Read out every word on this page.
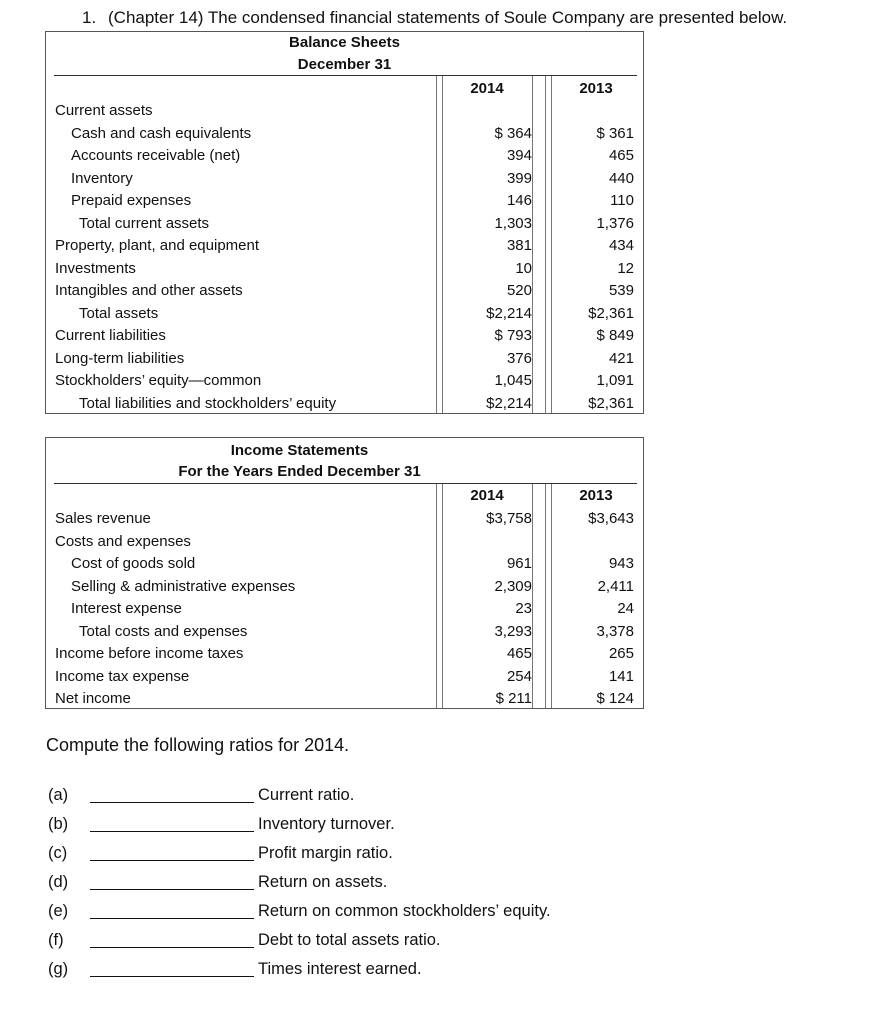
1. (Chapter 14) The condensed financial statements of Soule Company are presented below.
Balance Sheets
December 31
2014	2013
Current assets
Cash and cash equivalents	$ 364	$ 361
Accounts receivable (net)	394	465
Inventory	399	440
Prepaid expenses	146	110
Total current assets	1,303	1,376
Property, plant, and equipment	381	434
Investments	10	12
Intangibles and other assets	520	539
Total assets	$2,214	$2,361
Current liabilities	$ 793	$ 849
Long-term liabilities	376	421
Stockholders’ equity—common	1,045	1,091
Total liabilities and stockholders’ equity	$2,214	$2,361
Income Statements
For the Years Ended December 31
2014	2013
Sales revenue	$3,758	$3,643
Costs and expenses
Cost of goods sold	961	943
Selling & administrative expenses	2,309	2,411
Interest expense	23	24
Total costs and expenses	3,293	3,378
Income before income taxes	465	265
Income tax expense	254	141
Net income	$ 211	$ 124
Compute the following ratios for 2014.
(a)	Current ratio.
(b)	Inventory turnover.
(c)	Profit margin ratio.
(d)	Return on assets.
(e)	Return on common stockholders’ equity.
(f)	Debt to total assets ratio.
(g)	Times interest earned.
